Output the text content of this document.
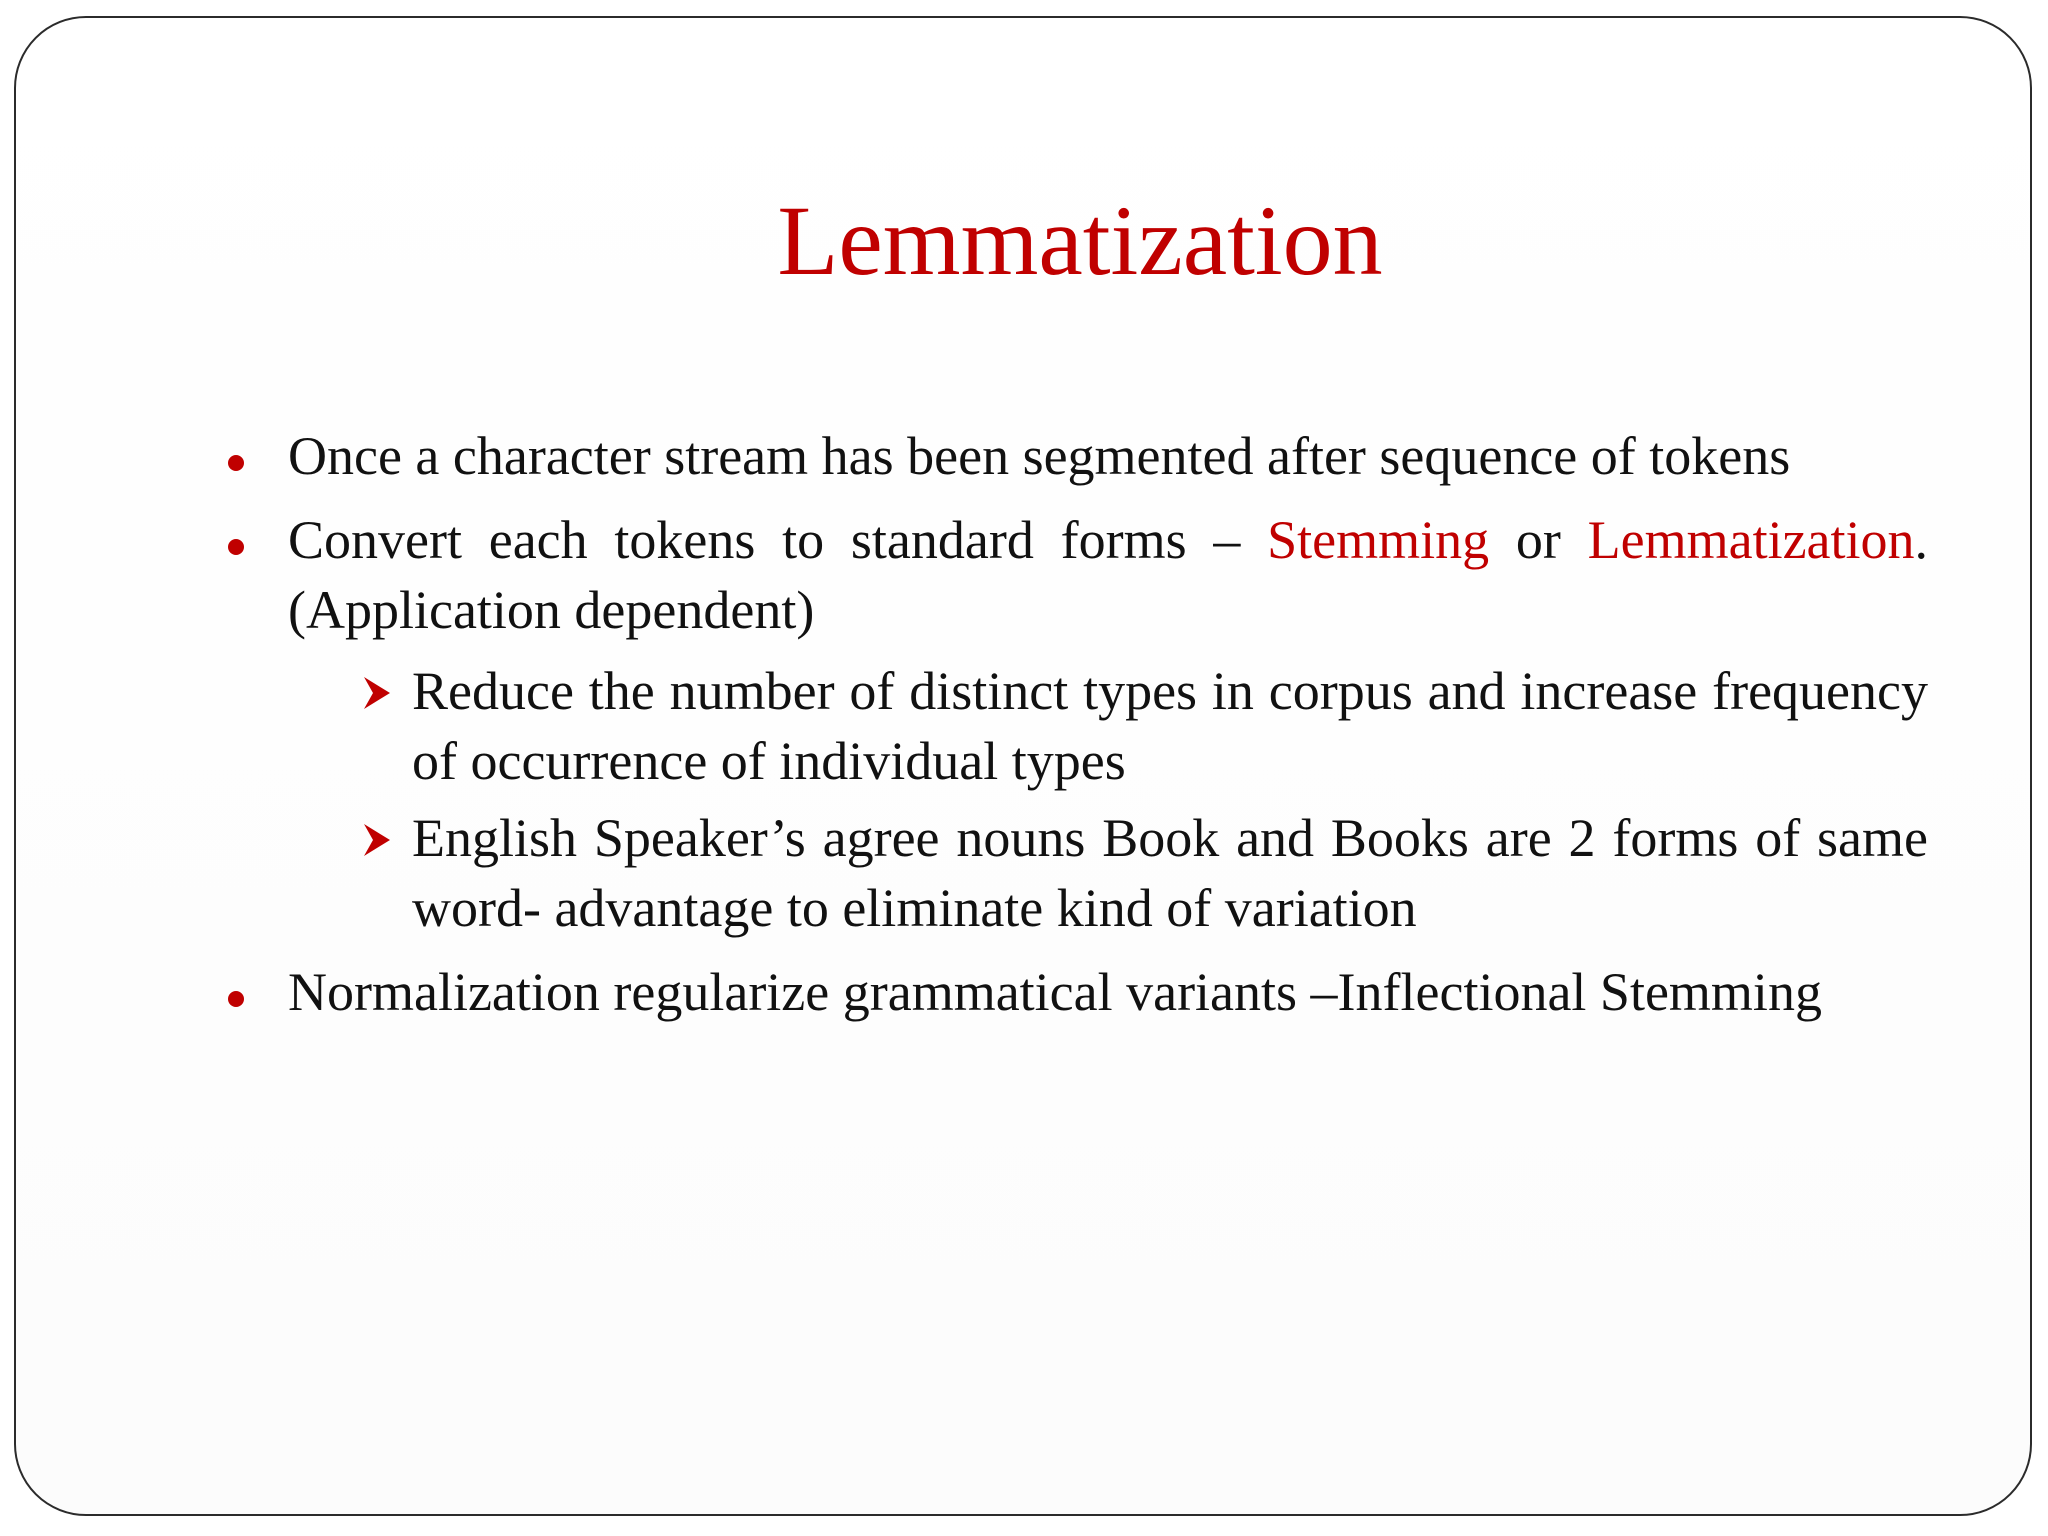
Lemmatization
Once a character stream has been segmented after sequence of tokens
Convert each tokens to standard forms – Stemming or Lemmatization. (Application dependent)
Reduce the number of distinct types in corpus and increase frequency of occurrence of individual types
English Speaker’s agree nouns Book and Books are 2 forms of same word- advantage to eliminate kind of variation
Normalization regularize grammatical variants –Inflectional Stemming
